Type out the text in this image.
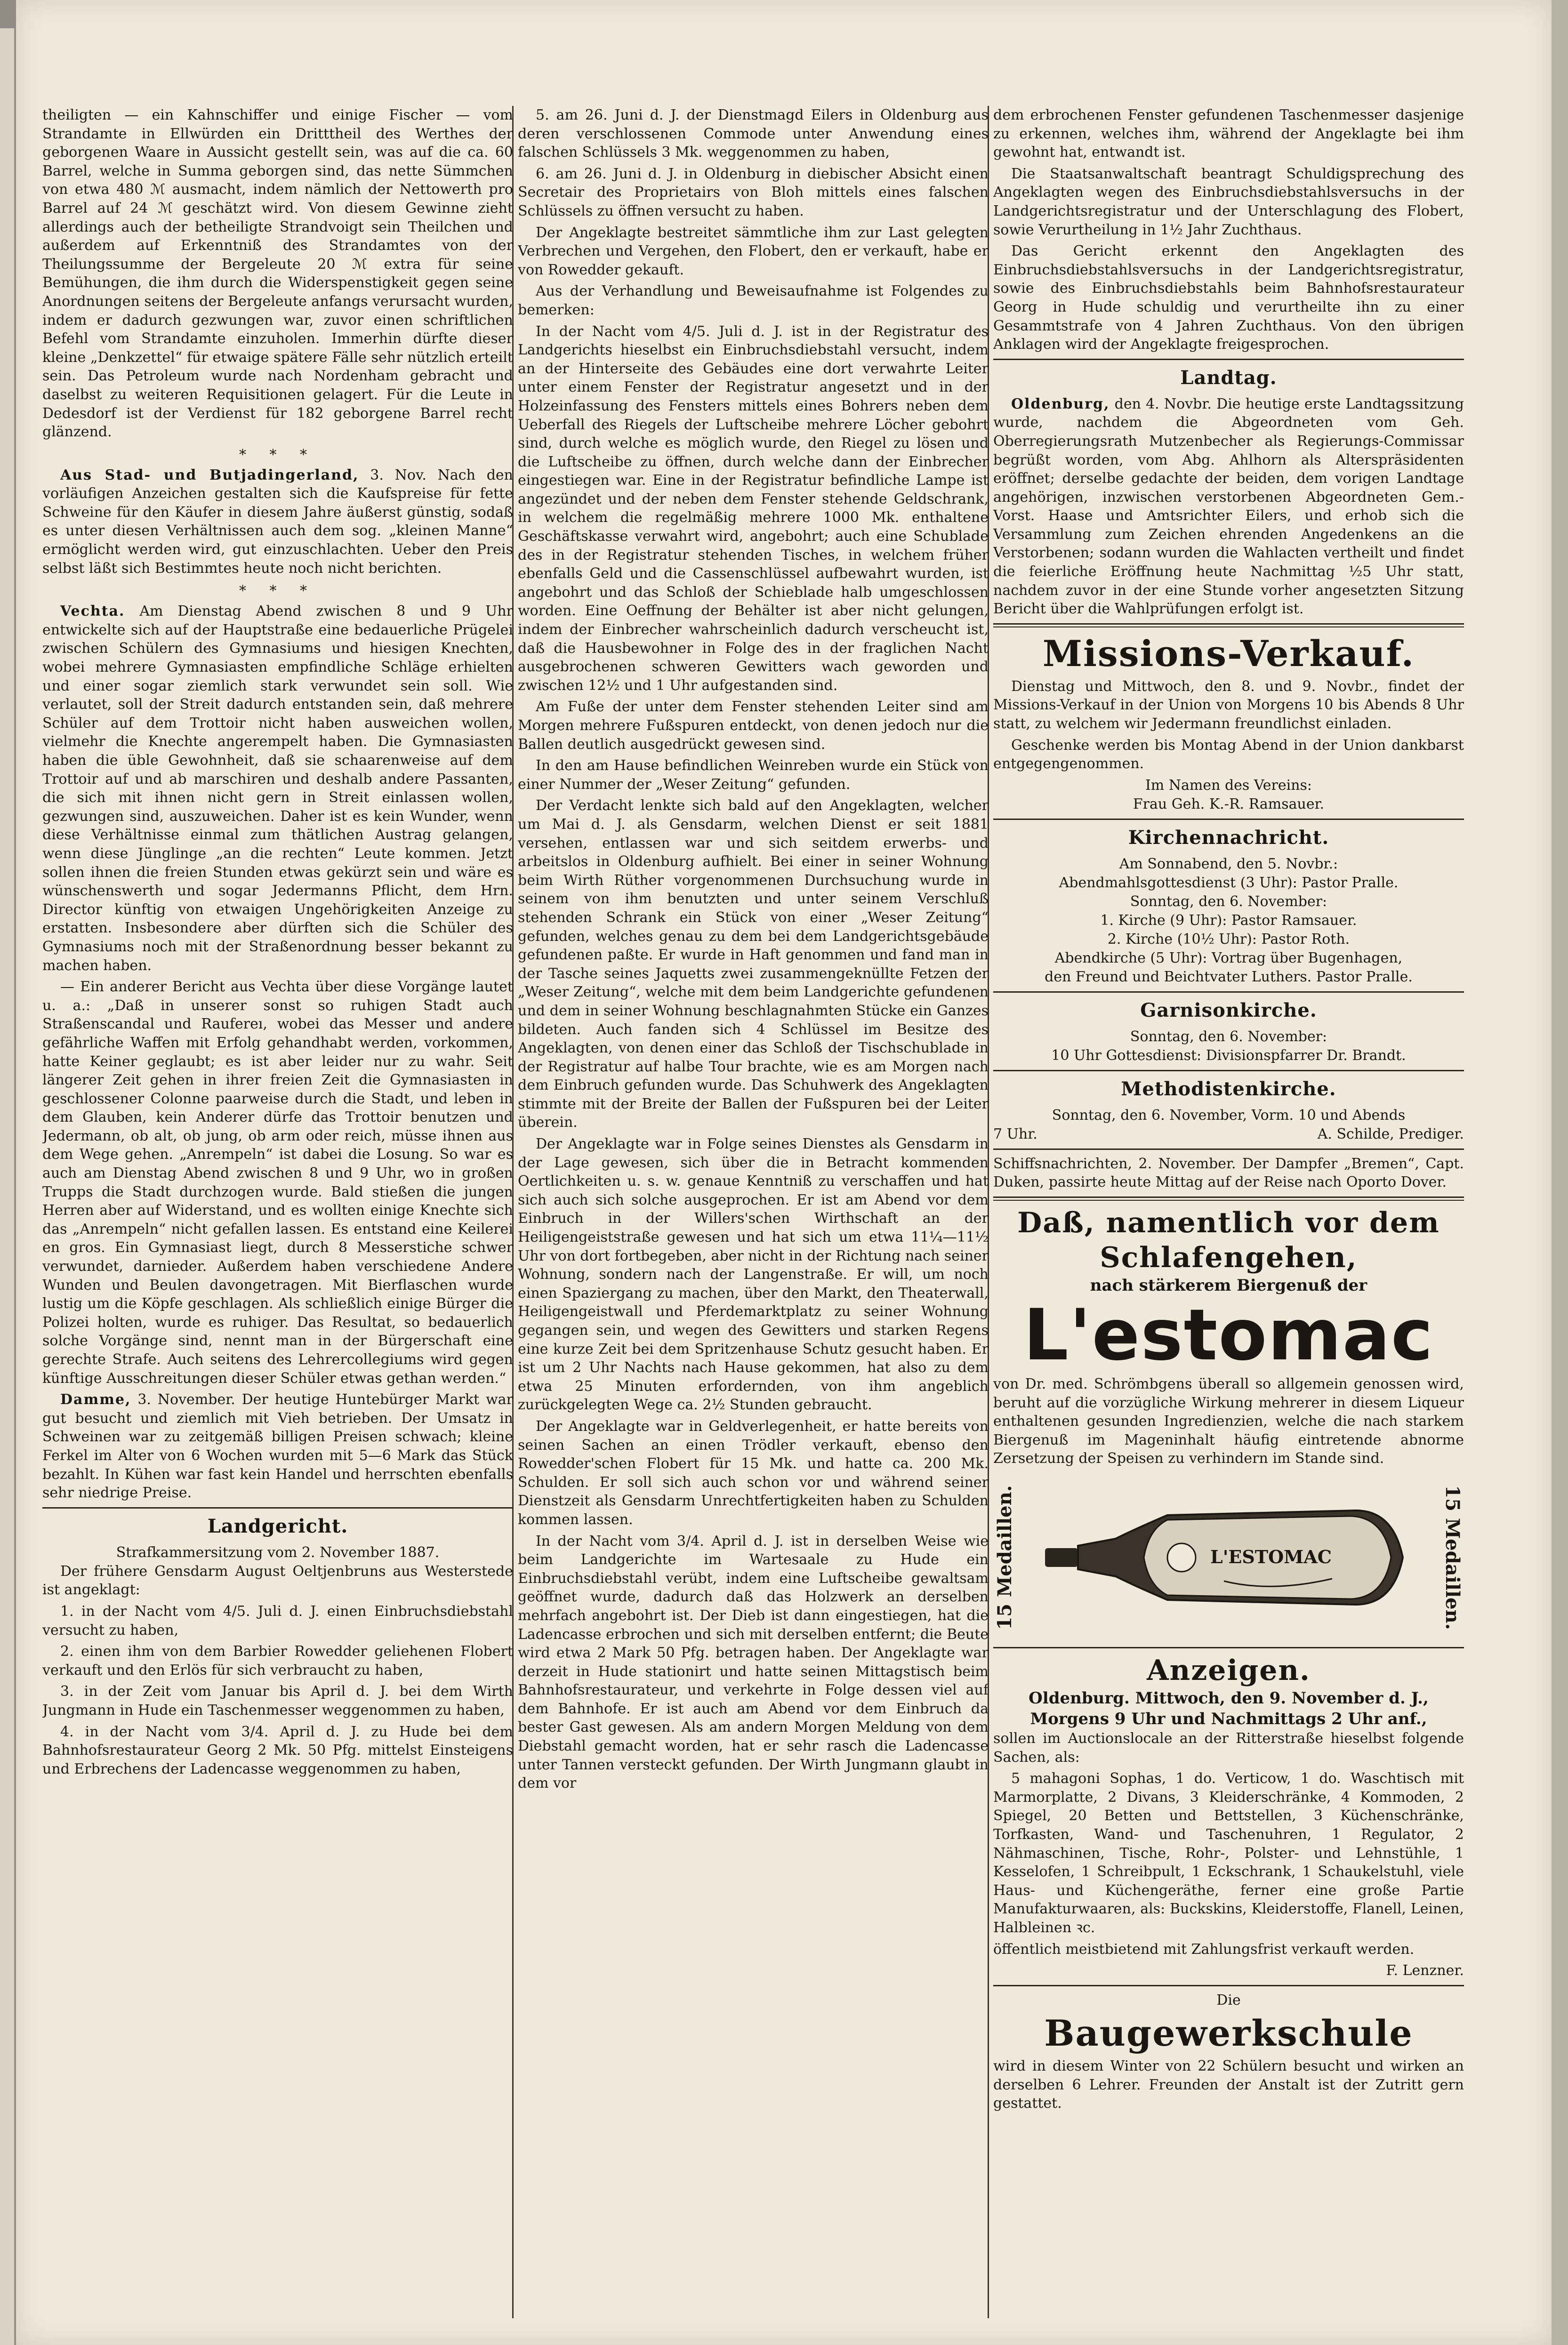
theiligten — ein Kahnschiffer und einige Fischer — vom Strandamte in Ellwürden ein Dritttheil des Werthes der geborgenen Waare in Aussicht gestellt sein, was auf die ca. 60 Barrel, welche in Summa geborgen sind, das nette Sümmchen von etwa 480 ℳ ausmacht, indem nämlich der Nettowerth pro Barrel auf 24 ℳ geschätzt wird. Von diesem Gewinne zieht allerdings auch der betheiligte Strandvoigt sein Theilchen und außerdem auf Erkenntniß des Strandamtes von der Theilungssumme der Bergeleute 20 ℳ extra für seine Bemühungen, die ihm durch die Widerspenstigkeit gegen seine Anordnungen seitens der Bergeleute anfangs verursacht wurden, indem er dadurch gezwungen war, zuvor einen schriftlichen Befehl vom Strandamte einzuholen. Immerhin dürfte dieser kleine „Denkzettel“ für etwaige spätere Fälle sehr nützlich erteilt sein. Das Petroleum wurde nach Nordenham gebracht und daselbst zu weiteren Requisitionen gelagert. Für die Leute in Dedesdorf ist der Verdienst für 182 geborgene Barrel recht glänzend.

* * *

Aus Stad- und Butjadingerland, 3. Nov. Nach den vorläufigen Anzeichen gestalten sich die Kaufspreise für fette Schweine für den Käufer in diesem Jahre äußerst günstig, sodaß es unter diesen Verhältnissen auch dem sog. „kleinen Manne“ ermöglicht werden wird, gut einzuschlachten. Ueber den Preis selbst läßt sich Bestimmtes heute noch nicht berichten.

* * *

Vechta. Am Dienstag Abend zwischen 8 und 9 Uhr entwickelte sich auf der Hauptstraße eine bedauerliche Prügelei zwischen Schülern des Gymnasiums und hiesigen Knechten, wobei mehrere Gymnasiasten empfindliche Schläge erhielten und einer sogar ziemlich stark verwundet sein soll. Wie verlautet, soll der Streit dadurch entstanden sein, daß mehrere Schüler auf dem Trottoir nicht haben ausweichen wollen, vielmehr die Knechte angerempelt haben. Die Gymnasiasten haben die üble Gewohnheit, daß sie schaarenweise auf dem Trottoir auf und ab marschiren und deshalb andere Passanten, die sich mit ihnen nicht gern in Streit einlassen wollen, gezwungen sind, auszuweichen. Daher ist es kein Wunder, wenn diese Verhältnisse einmal zum thätlichen Austrag gelangen, wenn diese Jünglinge „an die rechten“ Leute kommen. Jetzt sollen ihnen die freien Stunden etwas gekürzt sein und wäre es wünschenswerth und sogar Jedermanns Pflicht, dem Hrn. Director künftig von etwaigen Ungehörigkeiten Anzeige zu erstatten. Insbesondere aber dürften sich die Schüler des Gymnasiums noch mit der Straßenordnung besser bekannt zu machen haben.

— Ein anderer Bericht aus Vechta über diese Vorgänge lautet u. a.: „Daß in unserer sonst so ruhigen Stadt auch Straßenscandal und Raufereı, wobei das Messer und andere gefährliche Waffen mit Erfolg gehandhabt werden, vorkommen, hatte Keiner geglaubt; es ist aber leider nur zu wahr. Seit längerer Zeit gehen in ihrer freien Zeit die Gymnasiasten in geschlossener Colonne paarweise durch die Stadt, und leben in dem Glauben, kein Anderer dürfe das Trottoir benutzen und Jedermann, ob alt, ob jung, ob arm oder reich, müsse ihnen aus dem Wege gehen. „Anrempeln“ ist dabei die Losung. So war es auch am Dienstag Abend zwischen 8 und 9 Uhr, wo in großen Trupps die Stadt durchzogen wurde. Bald stießen die jungen Herren aber auf Widerstand, und es wollten einige Knechte sich das „Anrempeln“ nicht gefallen lassen. Es entstand eine Keilerei en gros. Ein Gymnasiast liegt, durch 8 Messerstiche schwer verwundet, darnieder. Außerdem haben verschiedene Andere Wunden und Beulen davongetragen. Mit Bierflaschen wurde lustig um die Köpfe geschlagen. Als schließlich einige Bürger die Polizei holten, wurde es ruhiger. Das Resultat, so bedauerlich solche Vorgänge sind, nennt man in der Bürgerschaft eine gerechte Strafe. Auch seitens des Lehrercollegiums wird gegen künftige Ausschreitungen dieser Schüler etwas gethan werden.“

Damme, 3. November. Der heutige Huntebürger Markt war gut besucht und ziemlich mit Vieh betrieben. Der Umsatz in Schweinen war zu zeitgemäß billigen Preisen schwach; kleine Ferkel im Alter von 6 Wochen wurden mit 5—6 Mark das Stück bezahlt. In Kühen war fast kein Handel und herrschten ebenfalls sehr niedrige Preise.

Landgericht.
Strafkammersitzung vom 2. November 1887.

Der frühere Gensdarm August Oeltjenbruns aus Westerstede ist angeklagt:

1. in der Nacht vom 4/5. Juli d. J. einen Einbruchsdiebstahl versucht zu haben,

2. einen ihm von dem Barbier Rowedder geliehenen Flobert verkauft und den Erlös für sich verbraucht zu haben,

3. in der Zeit vom Januar bis April d. J. bei dem Wirth Jungmann in Hude ein Taschenmesser weggenommen zu haben,

4. in der Nacht vom 3/4. April d. J. zu Hude bei dem Bahnhofsrestaurateur Georg 2 Mk. 50 Pfg. mittelst Einsteigens und Erbrechens der Ladencasse weggenommen zu haben,

5. am 26. Juni d. J. der Dienstmagd Eilers in Oldenburg aus deren verschlossenen Commode unter Anwendung eines falschen Schlüssels 3 Mk. weggenommen zu haben,

6. am 26. Juni d. J. in Oldenburg in diebischer Absicht einen Secretair des Proprietairs von Bloh mittels eines falschen Schlüssels zu öffnen versucht zu haben.

Der Angeklagte bestreitet sämmtliche ihm zur Last gelegten Verbrechen und Vergehen, den Flobert, den er verkauft, habe er von Rowedder gekauft.

Aus der Verhandlung und Beweisaufnahme ist Folgendes zu bemerken:

In der Nacht vom 4/5. Juli d. J. ist in der Registratur des Landgerichts hieselbst ein Einbruchsdiebstahl versucht, indem an der Hinterseite des Gebäudes eine dort verwahrte Leiter unter einem Fenster der Registratur angesetzt und in der Holzeinfassung des Fensters mittels eines Bohrers neben dem Ueberfall des Riegels der Luftscheibe mehrere Löcher gebohrt sind, durch welche es möglich wurde, den Riegel zu lösen und die Luftscheibe zu öffnen, durch welche dann der Einbrecher eingestiegen war. Eine in der Registratur befindliche Lampe ist angezündet und der neben dem Fenster stehende Geldschrank, in welchem die regelmäßig mehrere 1000 Mk. enthaltene Geschäftskasse verwahrt wird, angebohrt; auch eine Schublade des in der Registratur stehenden Tisches, in welchem früher ebenfalls Geld und die Cassenschlüssel aufbewahrt wurden, ist angebohrt und das Schloß der Schieblade halb umgeschlossen worden. Eine Oeffnung der Behälter ist aber nicht gelungen, indem der Einbrecher wahrscheinlich dadurch verscheucht ist, daß die Hausbewohner in Folge des in der fraglichen Nacht ausgebrochenen schweren Gewitters wach geworden und zwischen 12½ und 1 Uhr aufgestanden sind.

Am Fuße der unter dem Fenster stehenden Leiter sind am Morgen mehrere Fußspuren entdeckt, von denen jedoch nur die Ballen deutlich ausgedrückt gewesen sind.

In den am Hause befindlichen Weinreben wurde ein Stück von einer Nummer der „Weser Zeitung“ gefunden.

Der Verdacht lenkte sich bald auf den Angeklagten, welcher um Mai d. J. als Gensdarm, welchen Dienst er seit 1881 versehen, entlassen war und sich seitdem erwerbs- und arbeitslos in Oldenburg aufhielt. Bei einer in seiner Wohnung beim Wirth Rüther vorgenommenen Durchsuchung wurde in seinem von ihm benutzten und unter seinem Verschluß stehenden Schrank ein Stück von einer „Weser Zeitung“ gefunden, welches genau zu dem bei dem Landgerichtsgebäude gefundenen paßte. Er wurde in Haft genommen und fand man in der Tasche seines Jaquetts zwei zusammengeknüllte Fetzen der „Weser Zeitung“, welche mit dem beim Landgerichte gefundenen und dem in seiner Wohnung beschlagnahmten Stücke ein Ganzes bildeten. Auch fanden sich 4 Schlüssel im Besitze des Angeklagten, von denen einer das Schloß der Tischschublade in der Registratur auf halbe Tour brachte, wie es am Morgen nach dem Einbruch gefunden wurde. Das Schuhwerk des Angeklagten stimmte mit der Breite der Ballen der Fußspuren bei der Leiter überein.

Der Angeklagte war in Folge seines Dienstes als Gensdarm in der Lage gewesen, sich über die in Betracht kommenden Oertlichkeiten u. s. w. genaue Kenntniß zu verschaffen und hat sich auch sich solche ausgeprochen. Er ist am Abend vor dem Einbruch in der Willers'schen Wirthschaft an der Heiligengeiststraße gewesen und hat sich um etwa 11¼—11½ Uhr von dort fortbegeben, aber nicht in der Richtung nach seiner Wohnung, sondern nach der Langenstraße. Er will, um noch einen Spaziergang zu machen, über den Markt, den Theaterwall, Heiligengeistwall und Pferdemarktplatz zu seiner Wohnung gegangen sein, und wegen des Gewitters und starken Regens eine kurze Zeit bei dem Spritzenhause Schutz gesucht haben. Er ist um 2 Uhr Nachts nach Hause gekommen, hat also zu dem etwa 25 Minuten erfordernden, von ihm angeblich zurückgelegten Wege ca. 2½ Stunden gebraucht.

Der Angeklagte war in Geldverlegenheit, er hatte bereits von seinen Sachen an einen Trödler verkauft, ebenso den Rowedder'schen Flobert für 15 Mk. und hatte ca. 200 Mk. Schulden. Er soll sich auch schon vor und während seiner Dienstzeit als Gensdarm Unrechtfertigkeiten haben zu Schulden kommen lassen.

In der Nacht vom 3/4. April d. J. ist in derselben Weise wie beim Landgerichte im Wartesaale zu Hude ein Einbruchsdiebstahl verübt, indem eine Luftscheibe gewaltsam geöffnet wurde, dadurch daß das Holzwerk an derselben mehrfach angebohrt ist. Der Dieb ist dann eingestiegen, hat die Ladencasse erbrochen und sich mit derselben entfernt; die Beute wird etwa 2 Mark 50 Pfg. betragen haben. Der Angeklagte war derzeit in Hude stationirt und hatte seinen Mittagstisch beim Bahnhofsrestaurateur, und verkehrte in Folge dessen viel auf dem Bahnhofe. Er ist auch am Abend vor dem Einbruch da bester Gast gewesen. Als am andern Morgen Meldung von dem Diebstahl gemacht worden, hat er sehr rasch die Ladencasse unter Tannen versteckt gefunden. Der Wirth Jungmann glaubt in dem vor

dem erbrochenen Fenster gefundenen Taschenmesser dasjenige zu erkennen, welches ihm, während der Angeklagte bei ihm gewohnt hat, entwandt ist.

Die Staatsanwaltschaft beantragt Schuldigsprechung des Angeklagten wegen des Einbruchsdiebstahlsversuchs in der Landgerichtsregistratur und der Unterschlagung des Flobert, sowie Verurtheilung in 1½ Jahr Zuchthaus.

Das Gericht erkennt den Angeklagten des Einbruchsdiebstahlsversuchs in der Landgerichtsregistratur, sowie des Einbruchsdiebstahls beim Bahnhofsrestaurateur Georg in Hude schuldig und verurtheilte ihn zu einer Gesammtstrafe von 4 Jahren Zuchthaus. Von den übrigen Anklagen wird der Angeklagte freigesprochen.

Landtag.

Oldenburg, den 4. Novbr. Die heutige erste Landtagssitzung wurde, nachdem die Abgeordneten vom Geh. Oberregierungsrath Mutzenbecher als Regierungs-Commissar begrüßt worden, vom Abg. Ahlhorn als Alterspräsidenten eröffnet; derselbe gedachte der beiden, dem vorigen Landtage angehörigen, inzwischen verstorbenen Abgeordneten Gem.-Vorst. Haase und Amtsrichter Eilers, und erhob sich die Versammlung zum Zeichen ehrenden Angedenkens an die Verstorbenen; sodann wurden die Wahlacten vertheilt und findet die feierliche Eröffnung heute Nachmittag ½5 Uhr statt, nachdem zuvor in der eine Stunde vorher angesetzten Sitzung Bericht über die Wahlprüfungen erfolgt ist.

Missions-Verkauf.

Dienstag und Mittwoch, den 8. und 9. Novbr., findet der Missions-Verkauf in der Union von Morgens 10 bis Abends 8 Uhr statt, zu welchem wir Jedermann freundlichst einladen.

Geschenke werden bis Montag Abend in der Union dankbarst entgegengenommen.

Im Namen des Vereins:
Frau Geh. K.-R. Ramsauer.
Kirchennachricht.
Am Sonnabend, den 5. Novbr.:
Abendmahlsgottesdienst (3 Uhr): Pastor Pralle.
Sonntag, den 6. November:
1. Kirche (9 Uhr): Pastor Ramsauer.
2. Kirche (10½ Uhr): Pastor Roth.
Abendkirche (5 Uhr): Vortrag über Bugenhagen,
den Freund und Beichtvater Luthers. Pastor Pralle.
Garnisonkirche.
Sonntag, den 6. November:
10 Uhr Gottesdienst: Divisionspfarrer Dr. Brandt.
Methodistenkirche.
Sonntag, den 6. November, Vorm. 10 und Abends
7 Uhr.	A. Schilde, Prediger.

Schiffsnachrichten, 2. November. Der Dampfer „Bremen“, Capt. Duken, passirte heute Mittag auf der Reise nach Oporto Dover.

Daß, namentlich vor dem Schlafengehen,
nach stärkerem Biergenuß der
L'estomac

von Dr. med. Schrömbgens überall so allgemein genossen wird, beruht auf die vorzügliche Wirkung mehrerer in diesem Liqueur enthaltenen gesunden Ingredienzien, welche die nach starkem Biergenuß im Mageninhalt häufig eintretende abnorme Zersetzung der Speisen zu verhindern im Stande sind.

15 Medaillen.	L'ESTOMAC	15 Medaillen.
Anzeigen.
Oldenburg. Mittwoch, den 9. November d. J., Morgens 9 Uhr und Nachmittags 2 Uhr anf.,

sollen im Auctionslocale an der Ritterstraße hieselbst folgende Sachen, als:

5 mahagoni Sophas, 1 do. Verticow, 1 do. Waschtisch mit Marmorplatte, 2 Divans, 3 Kleiderschränke, 4 Kommoden, 2 Spiegel, 20 Betten und Bettstellen, 3 Küchenschränke, Torfkasten, Wand- und Taschenuhren, 1 Regulator, 2 Nähmaschinen, Tische, Rohr-, Polster- und Lehnstühle, 1 Kesselofen, 1 Schreibpult, 1 Eckschrank, 1 Schaukelstuhl, viele Haus- und Küchengeräthe, ferner eine große Partie Manufakturwaaren, als: Buckskins, Kleiderstoffe, Flanell, Leinen, Halbleinen ꝛc.

öffentlich meistbietend mit Zahlungsfrist verkauft werden.

F. Lenzner.
Die
Baugewerkschule

wird in diesem Winter von 22 Schülern besucht und wirken an derselben 6 Lehrer. Freunden der Anstalt ist der Zutritt gern gestattet.
